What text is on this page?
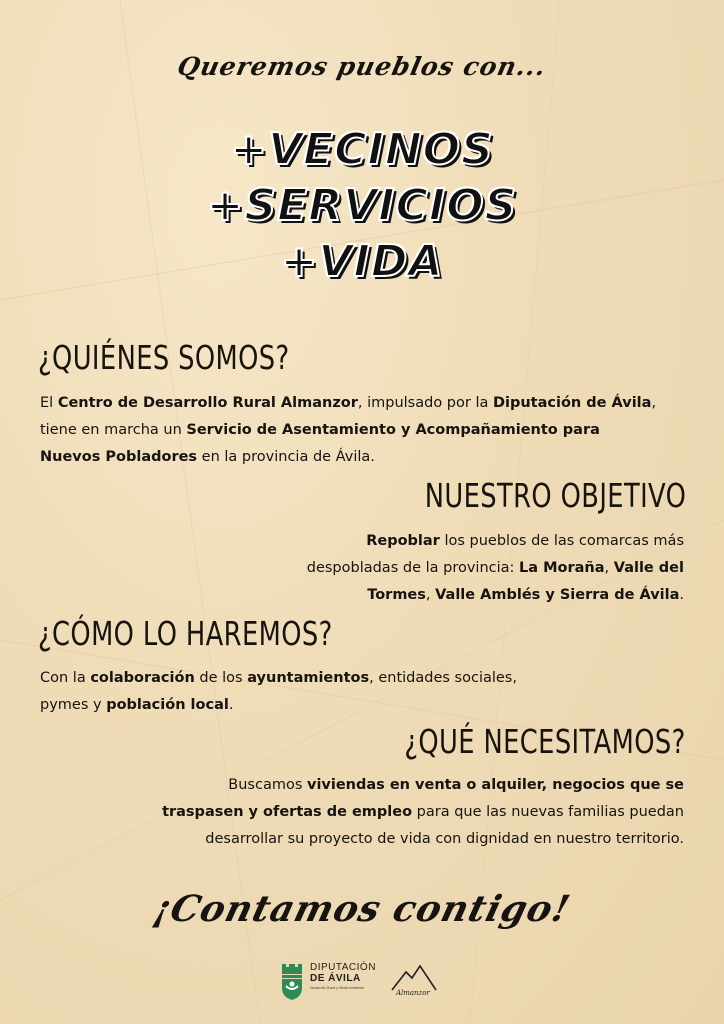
Queremos pueblos con...
+VECINOS
+SERVICIOS
+VIDA
¿QUIÉNES SOMOS?
El Centro de Desarrollo Rural Almanzor, impulsado por la Diputación de Ávila,
tiene en marcha un Servicio de Asentamiento y Acompañamiento para
Nuevos Pobladores en la provincia de Ávila.
NUESTRO OBJETIVO
Repoblar los pueblos de las comarcas más
despobladas de la provincia: La Moraña, Valle del
Tormes, Valle Amblés y Sierra de Ávila.
¿CÓMO LO HAREMOS?
Con la colaboración de los ayuntamientos, entidades sociales,
pymes y población local.
¿QUÉ NECESITAMOS?
Buscamos viviendas en venta o alquiler, negocios que se
traspasen y ofertas de empleo para que las nuevas familias puedan
desarrollar su proyecto de vida con dignidad en nuestro territorio.
¡Contamos contigo!
DIPUTACIÓN
DE ÁVILA
Desarrollo Rural y Medio Ambiente
Almanzor
